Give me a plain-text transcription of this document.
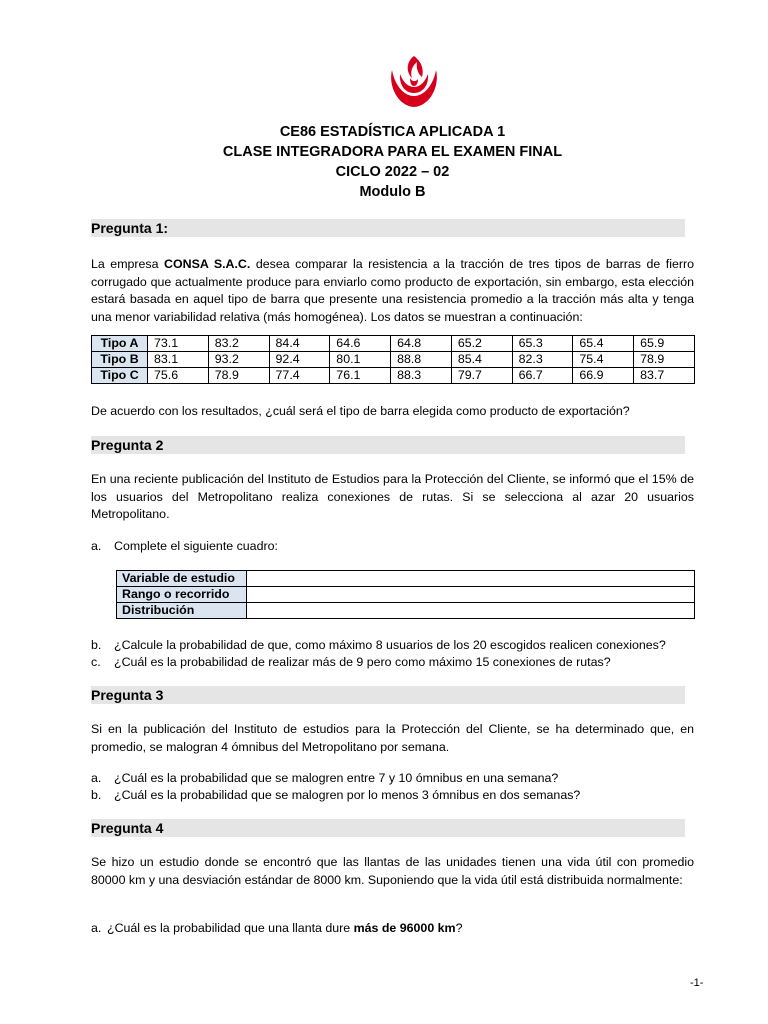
CE86 ESTADÍSTICA APLICADA 1
CLASE INTEGRADORA PARA EL EXAMEN FINAL
CICLO 2022 – 02
Modulo B
Pregunta 1:
La empresa CONSA S.A.C. desea comparar la resistencia a la tracción de tres tipos de barras de fierro corrugado que actualmente produce para enviarlo como producto de exportación, sin embargo, esta elección estará basada en aquel tipo de barra que presente una resistencia promedio a la tracción más alta y tenga una menor variabilidad relativa (más homogénea). Los datos se muestran a continuación:
Tipo A	73.1	83.2	84.4	64.6	64.8	65.2	65.3	65.4	65.9
Tipo B	83.1	93.2	92.4	80.1	88.8	85.4	82.3	75.4	78.9
Tipo C	75.6	78.9	77.4	76.1	88.3	79.7	66.7	66.9	83.7
De acuerdo con los resultados, ¿cuál será el tipo de barra elegida como producto de exportación?
Pregunta 2
En una reciente publicación del Instituto de Estudios para la Protección del Cliente, se informó que el 15% de los usuarios del Metropolitano realiza conexiones de rutas. Si se selecciona al azar 20 usuarios Metropolitano.
a. Complete el siguiente cuadro:
Variable de estudio	
Rango o recorrido	
Distribución	
b. ¿Calcule la probabilidad de que, como máximo 8 usuarios de los 20 escogidos realicen conexiones?
c. ¿Cuál es la probabilidad de realizar más de 9 pero como máximo 15 conexiones de rutas?
Pregunta 3
Si en la publicación del Instituto de estudios para la Protección del Cliente, se ha determinado que, en promedio, se malogran 4 ómnibus del Metropolitano por semana.
a. ¿Cuál es la probabilidad que se malogren entre 7 y 10 ómnibus en una semana?
b. ¿Cuál es la probabilidad que se malogren por lo menos 3 ómnibus en dos semanas?
Pregunta 4
Se hizo un estudio donde se encontró que las llantas de las unidades tienen una vida útil con promedio 80000 km y una desviación estándar de 8000 km. Suponiendo que la vida útil está distribuida normalmente:
a. ¿Cuál es la probabilidad que una llanta dure más de 96000 km?
-1-
